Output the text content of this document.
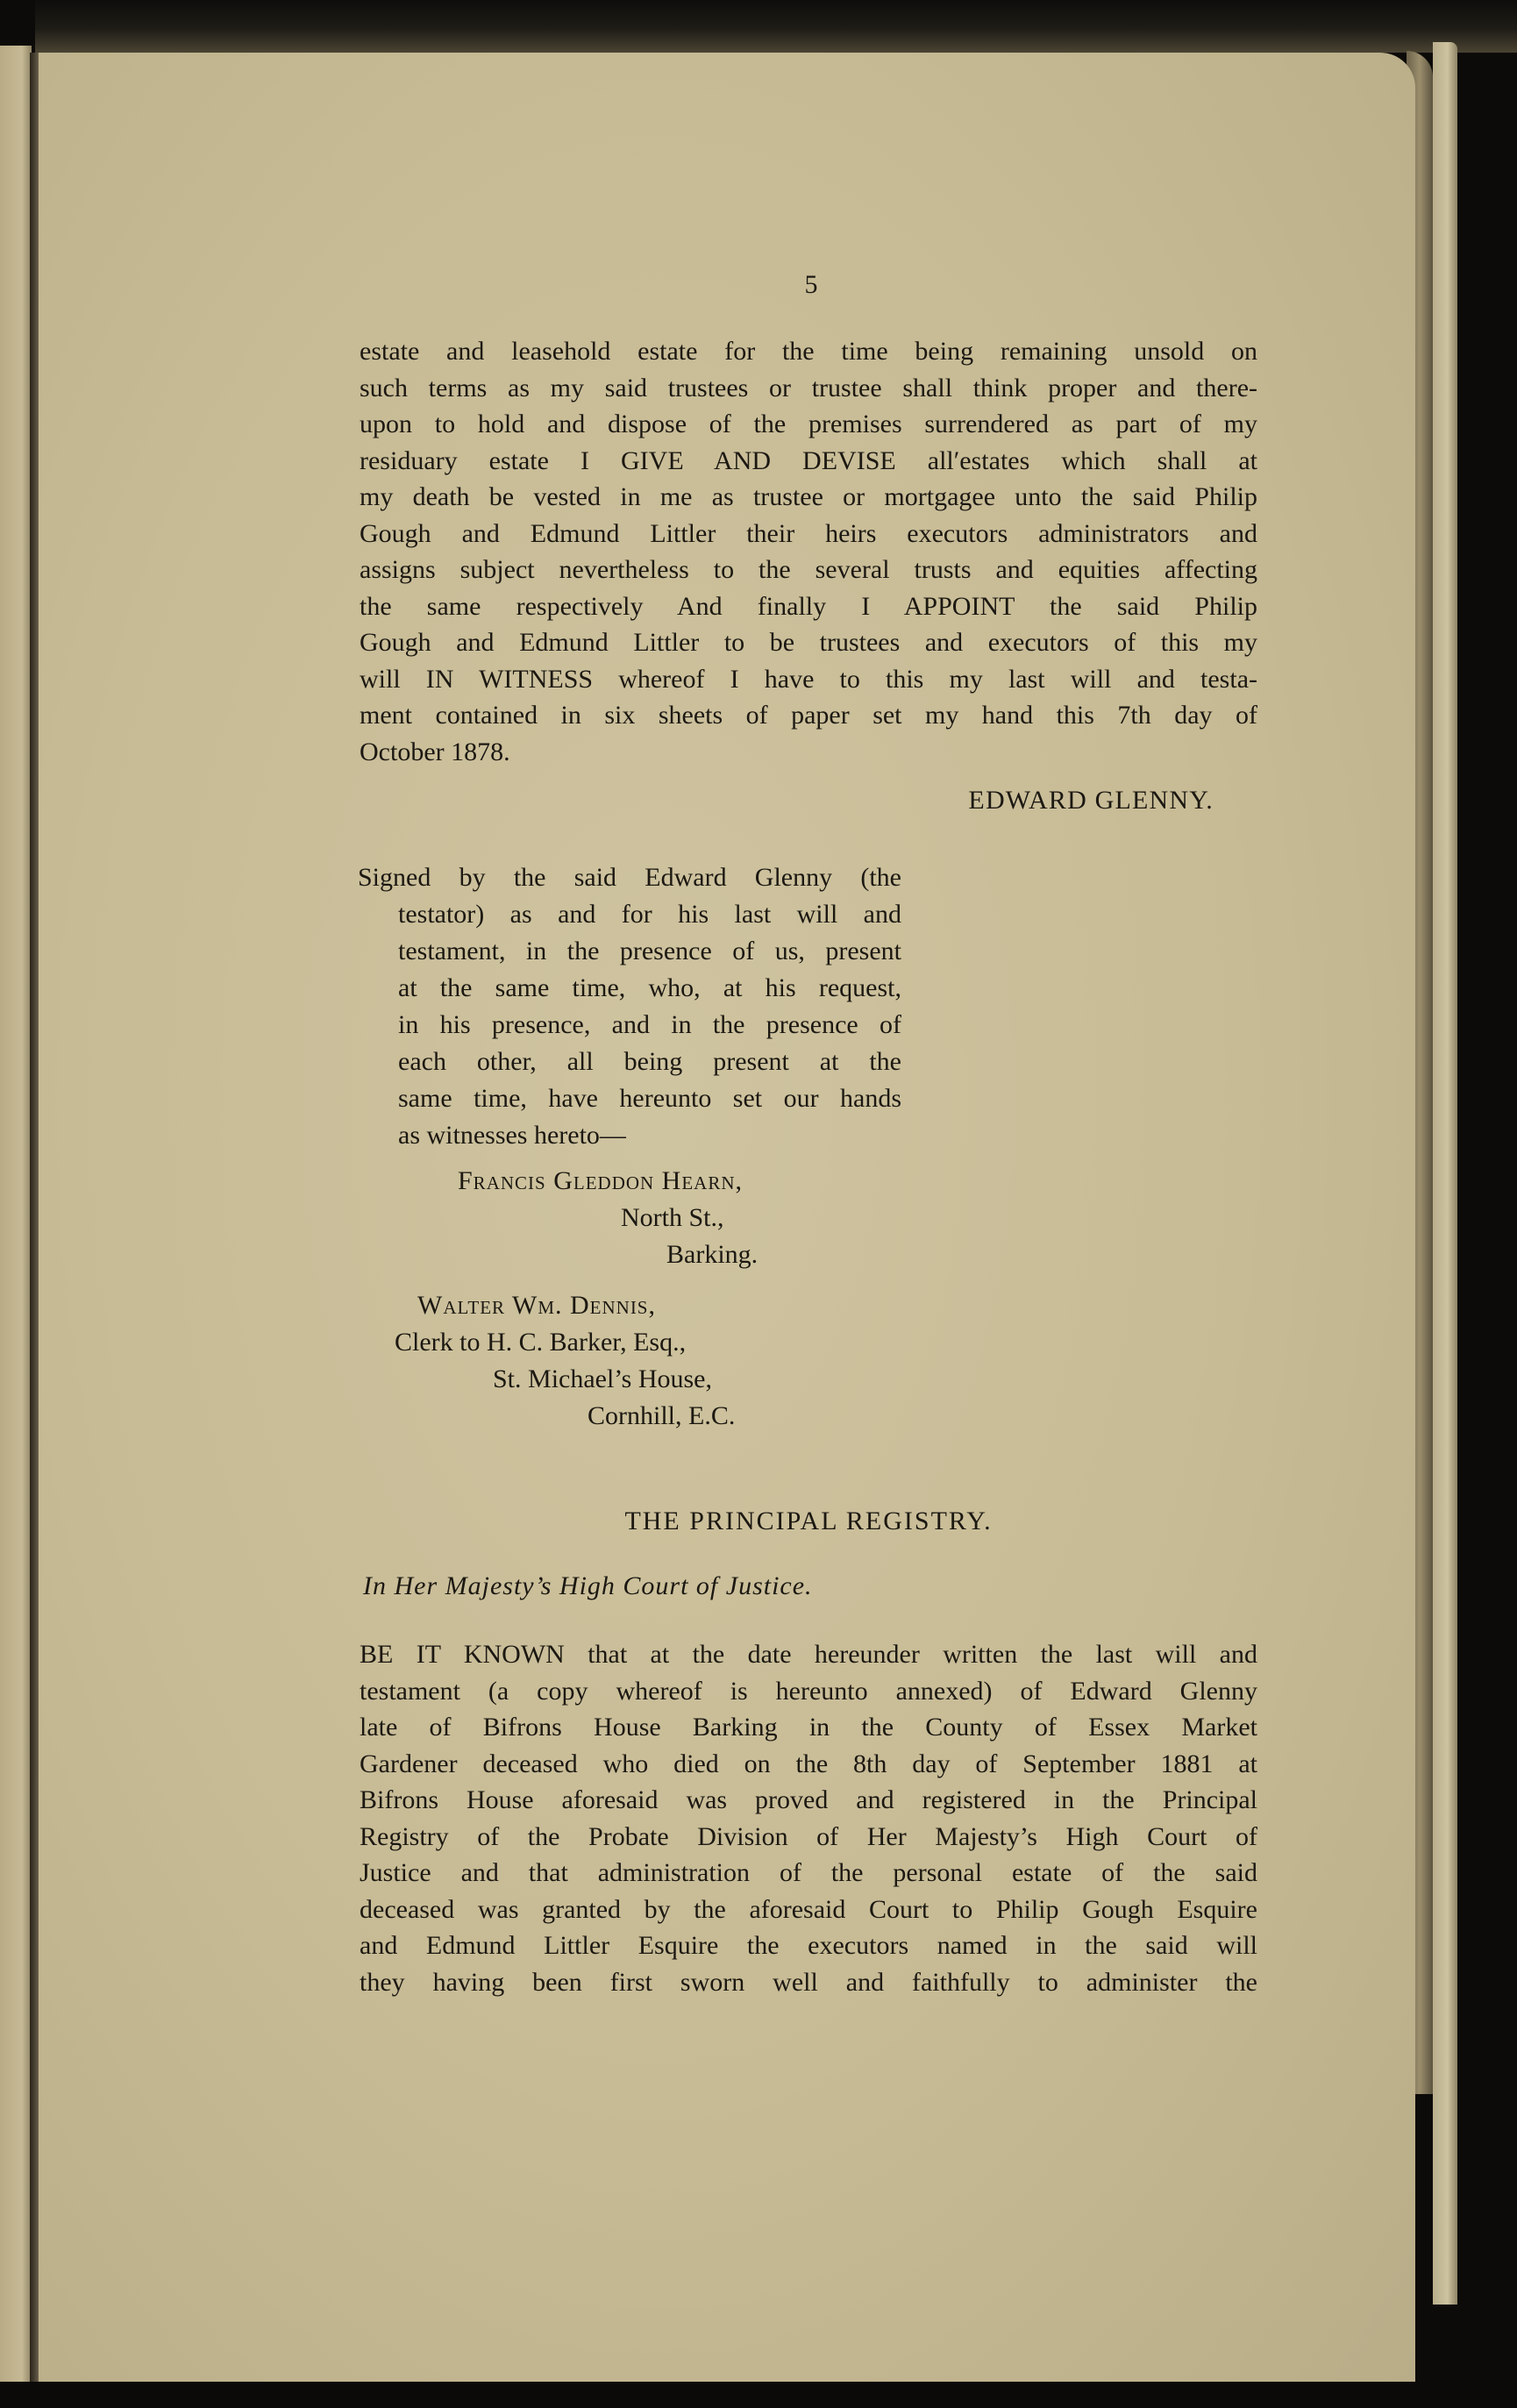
5
estate and leasehold estate for the time being remaining unsold on
such terms as my said trustees or trustee shall think proper and there-
upon to hold and dispose of the premises surrendered as part of my
residuary estate I GIVE AND DEVISE all′estates which shall at
my death be vested in me as trustee or mortgagee unto the said Philip
Gough and Edmund Littler their heirs executors administrators and
assigns subject nevertheless to the several trusts and equities affecting
the same respectively And finally I APPOINT the said Philip
Gough and Edmund Littler to be trustees and executors of this my
will IN WITNESS whereof I have to this my last will and testa-
ment contained in six sheets of paper set my hand this 7th day of
October 1878.
EDWARD GLENNY.
Signed by the said Edward Glenny (the
testator) as and for his last will and
testament, in the presence of us, present
at the same time, who, at his request,
in his presence, and in the presence of
each other, all being present at the
same time, have hereunto set our hands
as witnesses hereto—
Francis Gleddon Hearn,
North St.,
Barking.
Walter Wm. Dennis,
Clerk to H. C. Barker, Esq.,
St. Michael’s House,
Cornhill, E.C.
THE PRINCIPAL REGISTRY.
In Her Majesty’s High Court of Justice.
BE IT KNOWN that at the date hereunder written the last will and
testament (a copy whereof is hereunto annexed) of Edward Glenny
late of Bifrons House Barking in the County of Essex Market
Gardener deceased who died on the 8th day of September 1881 at
Bifrons House aforesaid was proved and registered in the Principal
Registry of the Probate Division of Her Majesty’s High Court of
Justice and that administration of the personal estate of the said
deceased was granted by the aforesaid Court to Philip Gough Esquire
and Edmund Littler Esquire the executors named in the said will
they having been first sworn well and faithfully to administer the
